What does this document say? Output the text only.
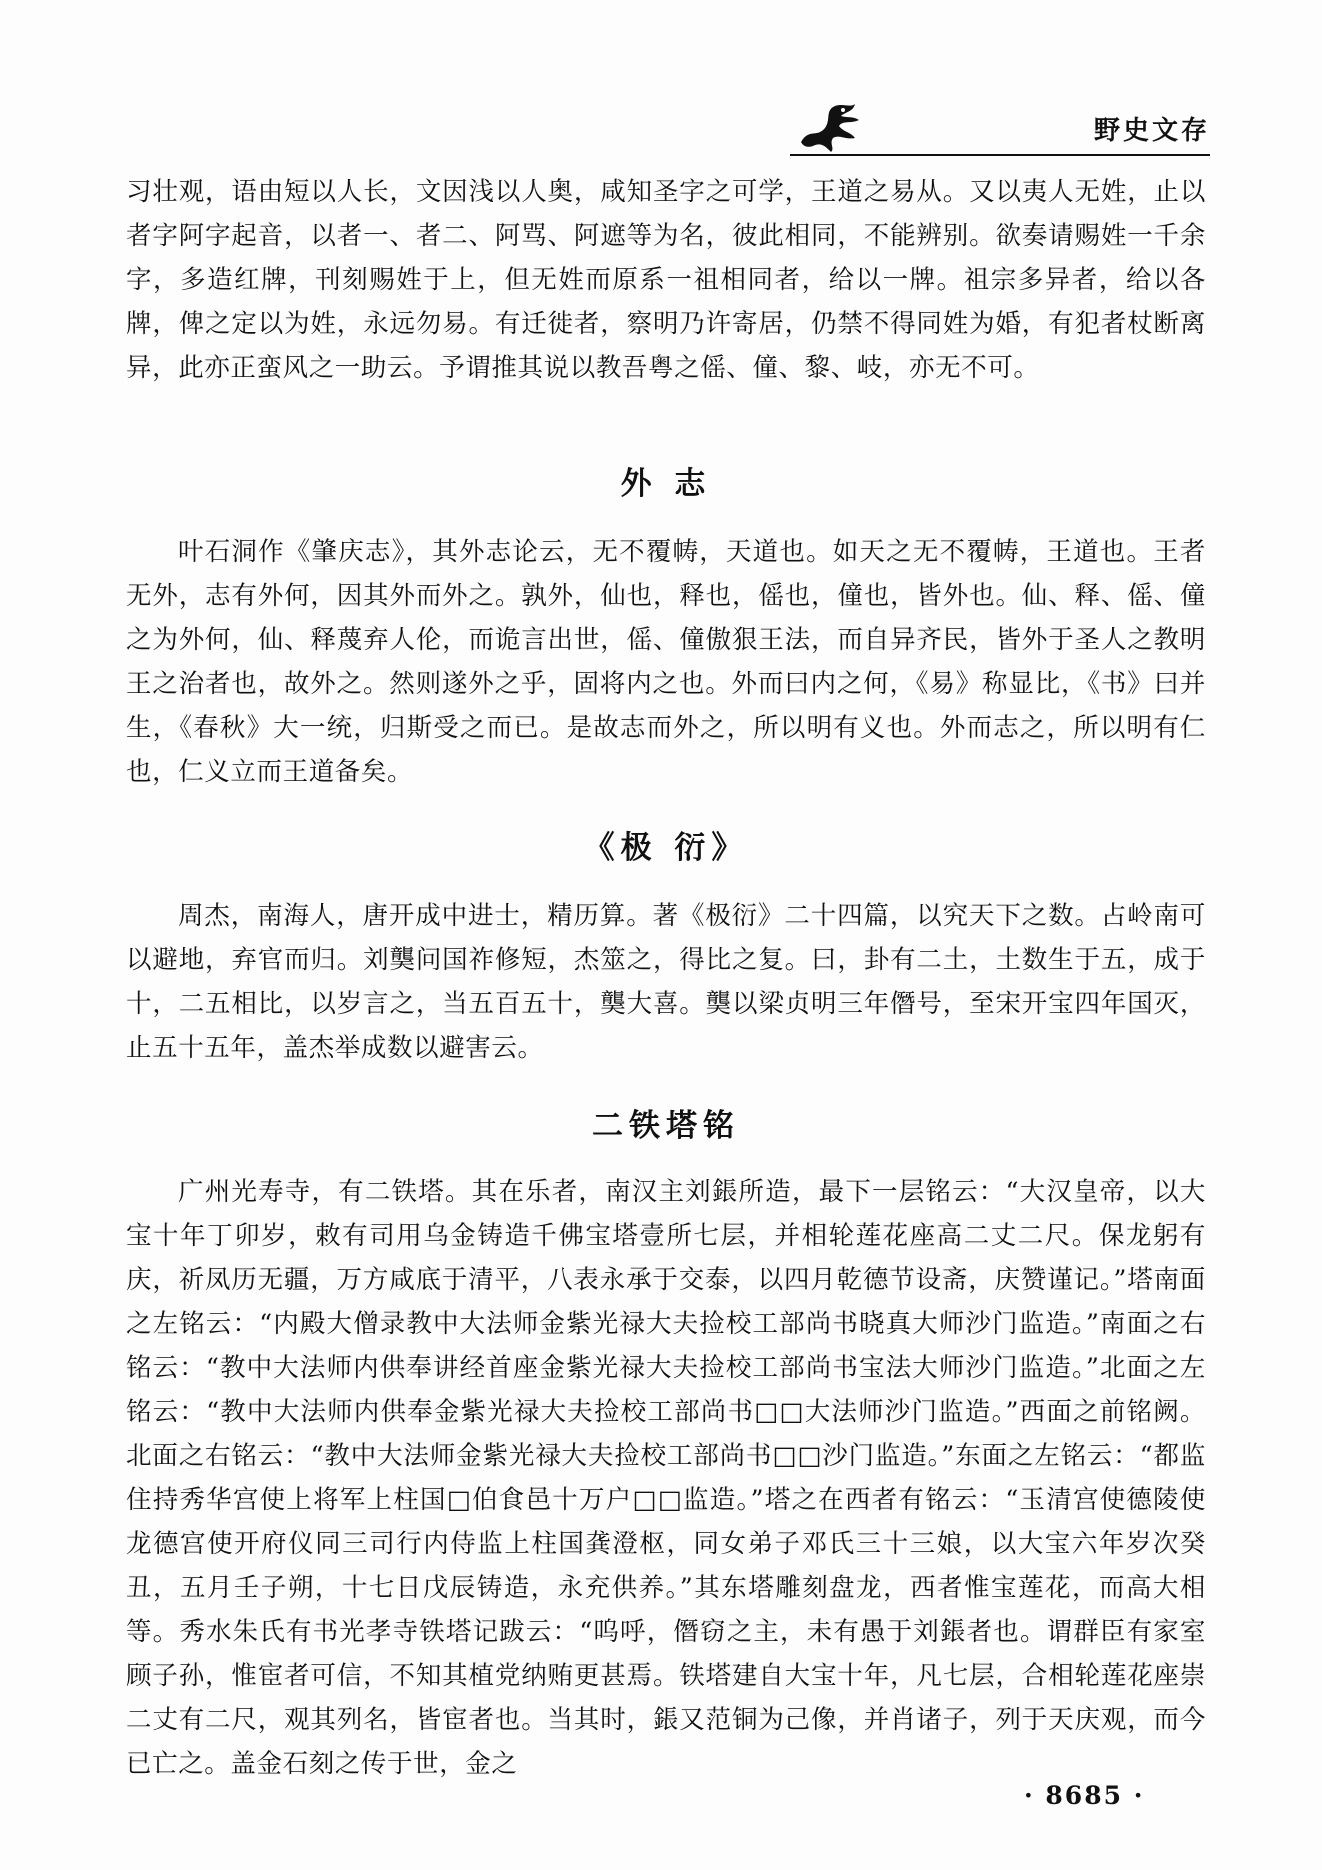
野史文存

习壮观，语由短以人长，文因浅以人奥，咸知圣字之可学，王道之易从。又以夷人无姓，止以者字阿字起音，以者一、者二、阿骂、阿遮等为名，彼此相同，不能辨别。欲奏请赐姓一千余字，多造红牌，刊刻赐姓于上，但无姓而原系一祖相同者，给以一牌。祖宗多异者，给以各牌，俾之定以为姓，永远勿易。有迁徙者，察明乃许寄居，仍禁不得同姓为婚，有犯者杖断离异，此亦正蛮风之一助云。予谓推其说以教吾粤之傜、僮、黎、岐，亦无不可。

外 志

叶石洞作《肇庆志》，其外志论云，无不覆帱，天道也。如天之无不覆帱，王道也。王者无外，志有外何，因其外而外之。孰外，仙也，释也，傜也，僮也，皆外也。仙、释、傜、僮之为外何，仙、释蔑弃人伦，而诡言出世，傜、僮傲狠王法，而自异齐民，皆外于圣人之教明王之治者也，故外之。然则遂外之乎，固将内之也。外而曰内之何，《易》称显比，《书》曰并生，《春秋》大一统，归斯受之而已。是故志而外之，所以明有义也。外而志之，所以明有仁也，仁义立而王道备矣。

《极 衍》

周杰，南海人，唐开成中进士，精历算。著《极衍》二十四篇，以究天下之数。占岭南可以避地，弃官而归。刘龑问国祚修短，杰筮之，得比之复。曰，卦有二土，土数生于五，成于十，二五相比，以岁言之，当五百五十，龑大喜。龑以梁贞明三年僭号，至宋开宝四年国灭，止五十五年，盖杰举成数以避害云。

二铁塔铭

广州光寿寺，有二铁塔。其在乐者，南汉主刘鋹所造，最下一层铭云：“大汉皇帝，以大宝十年丁卯岁，敕有司用乌金铸造千佛宝塔壹所七层，并相轮莲花座高二丈二尺。保龙躬有庆，祈凤历无疆，万方咸底于清平，八表永承于交泰，以四月乾德节设斋，庆赞谨记。”塔南面之左铭云：“内殿大僧录教中大法师金紫光禄大夫捡校工部尚书晓真大师沙门监造。”南面之右铭云：“教中大法师内供奉讲经首座金紫光禄大夫捡校工部尚书宝法大师沙门监造。”北面之左铭云：“教中大法师内供奉金紫光禄大夫捡校工部尚书□□大法师沙门监造。”西面之前铭阙。北面之右铭云：“教中大法师金紫光禄大夫捡校工部尚书□□沙门监造。”东面之左铭云：“都监住持秀华宫使上将军上柱国□伯食邑十万户□□监造。”塔之在西者有铭云：“玉清宫使德陵使龙德宫使开府仪同三司行内侍监上柱国龚澄枢，同女弟子邓氏三十三娘，以大宝六年岁次癸丑，五月壬子朔，十七日戊辰铸造，永充供养。”其东塔雕刻盘龙，西者惟宝莲花，而高大相等。秀水朱氏有书光孝寺铁塔记跋云：“呜呼，僭窃之主，未有愚于刘鋹者也。谓群臣有家室顾子孙，惟宦者可信，不知其植党纳贿更甚焉。铁塔建自大宝十年，凡七层，合相轮莲花座崇二丈有二尺，观其列名，皆宦者也。当其时，鋹又范铜为己像，并肖诸子，列于天庆观，而今已亡之。盖金石刻之传于世，金之

· 8685 ·
